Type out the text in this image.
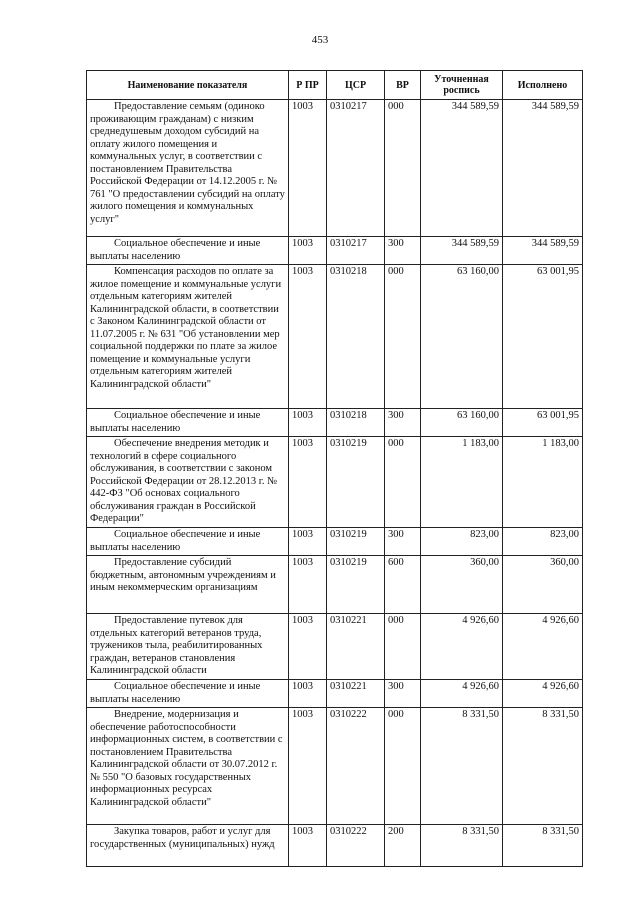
453
Наименование показателя	Р ПР	ЦСР	ВР	Уточненная роспись	Исполнено
Предоставление семьям (одиноко проживающим гражданам) с низким среднедушевым доходом субсидий на оплату жилого помещения и коммунальных услуг, в соответствии с постановлением Правительства Российской Федерации от 14.12.2005 г. № 761 "О предоставлении субсидий на оплату жилого помещения и коммунальных услуг"	1003	0310217	000	344 589,59	344 589,59
Социальное обеспечение и иные выплаты населению	1003	0310217	300	344 589,59	344 589,59
Компенсация расходов по оплате за жилое помещение и коммунальные услуги отдельным категориям жителей Калининградской области, в соответствии с Законом Калининградской области от 11.07.2005 г. № 631 "Об установлении мер социальной поддержки по плате за жилое помещение и коммунальные услуги отдельным категориям жителей Калининградской области"	1003	0310218	000	63 160,00	63 001,95
Социальное обеспечение и иные выплаты населению	1003	0310218	300	63 160,00	63 001,95
Обеспечение внедрения методик и технологий в сфере социального обслуживания, в соответствии с законом Российской Федерации от 28.12.2013 г. № 442-ФЗ "Об основах социального обслуживания граждан в Российской Федерации"	1003	0310219	000	1 183,00	1 183,00
Социальное обеспечение и иные выплаты населению	1003	0310219	300	823,00	823,00
Предоставление субсидий бюджетным, автономным учреждениям и иным некоммерческим организациям	1003	0310219	600	360,00	360,00
Предоставление путевок для отдельных категорий ветеранов труда, тружеников тыла, реабилитированных граждан, ветеранов становления Калининградской области	1003	0310221	000	4 926,60	4 926,60
Социальное обеспечение и иные выплаты населению	1003	0310221	300	4 926,60	4 926,60
Внедрение, модернизация и обеспечение работоспособности информационных систем, в соответствии с постановлением Правительства Калининградской области от 30.07.2012 г. № 550 "О базовых государственных информационных ресурсах Калининградской области"	1003	0310222	000	8 331,50	8 331,50
Закупка товаров, работ и услуг для государственных (муниципальных) нужд	1003	0310222	200	8 331,50	8 331,50
